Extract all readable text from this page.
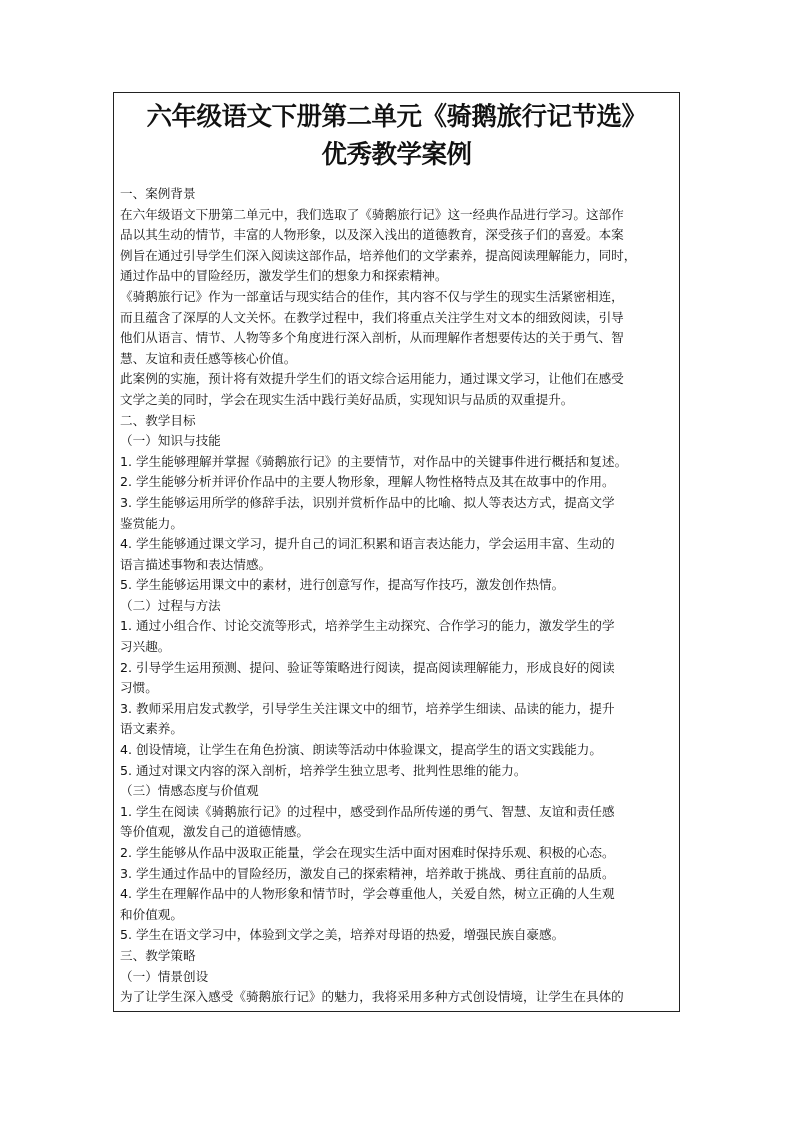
六年级语文下册第二单元《骑鹅旅行记节选》
优秀教学案例
一、案例背景
在六年级语文下册第二单元中，我们选取了《骑鹅旅行记》这一经典作品进行学习。这部作
品以其生动的情节，丰富的人物形象，以及深入浅出的道德教育，深受孩子们的喜爱。本案
例旨在通过引导学生们深入阅读这部作品，培养他们的文学素养，提高阅读理解能力，同时，
通过作品中的冒险经历，激发学生们的想象力和探索精神。
《骑鹅旅行记》作为一部童话与现实结合的佳作，其内容不仅与学生的现实生活紧密相连，
而且蕴含了深厚的人文关怀。在教学过程中，我们将重点关注学生对文本的细致阅读，引导
他们从语言、情节、人物等多个角度进行深入剖析，从而理解作者想要传达的关于勇气、智
慧、友谊和责任感等核心价值。
此案例的实施，预计将有效提升学生们的语文综合运用能力，通过课文学习，让他们在感受
文学之美的同时，学会在现实生活中践行美好品质，实现知识与品质的双重提升。
二、教学目标
（一）知识与技能
1. 学生能够理解并掌握《骑鹅旅行记》的主要情节，对作品中的关键事件进行概括和复述。
2. 学生能够分析并评价作品中的主要人物形象，理解人物性格特点及其在故事中的作用。
3. 学生能够运用所学的修辞手法，识别并赏析作品中的比喻、拟人等表达方式，提高文学
鉴赏能力。
4. 学生能够通过课文学习，提升自己的词汇积累和语言表达能力，学会运用丰富、生动的
语言描述事物和表达情感。
5. 学生能够运用课文中的素材，进行创意写作，提高写作技巧，激发创作热情。
（二）过程与方法
1. 通过小组合作、讨论交流等形式，培养学生主动探究、合作学习的能力，激发学生的学
习兴趣。
2. 引导学生运用预测、提问、验证等策略进行阅读，提高阅读理解能力，形成良好的阅读
习惯。
3. 教师采用启发式教学，引导学生关注课文中的细节，培养学生细读、品读的能力，提升
语文素养。
4. 创设情境，让学生在角色扮演、朗读等活动中体验课文，提高学生的语文实践能力。
5. 通过对课文内容的深入剖析，培养学生独立思考、批判性思维的能力。
（三）情感态度与价值观
1. 学生在阅读《骑鹅旅行记》的过程中，感受到作品所传递的勇气、智慧、友谊和责任感
等价值观，激发自己的道德情感。
2. 学生能够从作品中汲取正能量，学会在现实生活中面对困难时保持乐观、积极的心态。
3. 学生通过作品中的冒险经历，激发自己的探索精神，培养敢于挑战、勇往直前的品质。
4. 学生在理解作品中的人物形象和情节时，学会尊重他人，关爱自然，树立正确的人生观
和价值观。
5. 学生在语文学习中，体验到文学之美，培养对母语的热爱，增强民族自豪感。
三、教学策略
（一）情景创设
为了让学生深入感受《骑鹅旅行记》的魅力，我将采用多种方式创设情境，让学生在具体的
